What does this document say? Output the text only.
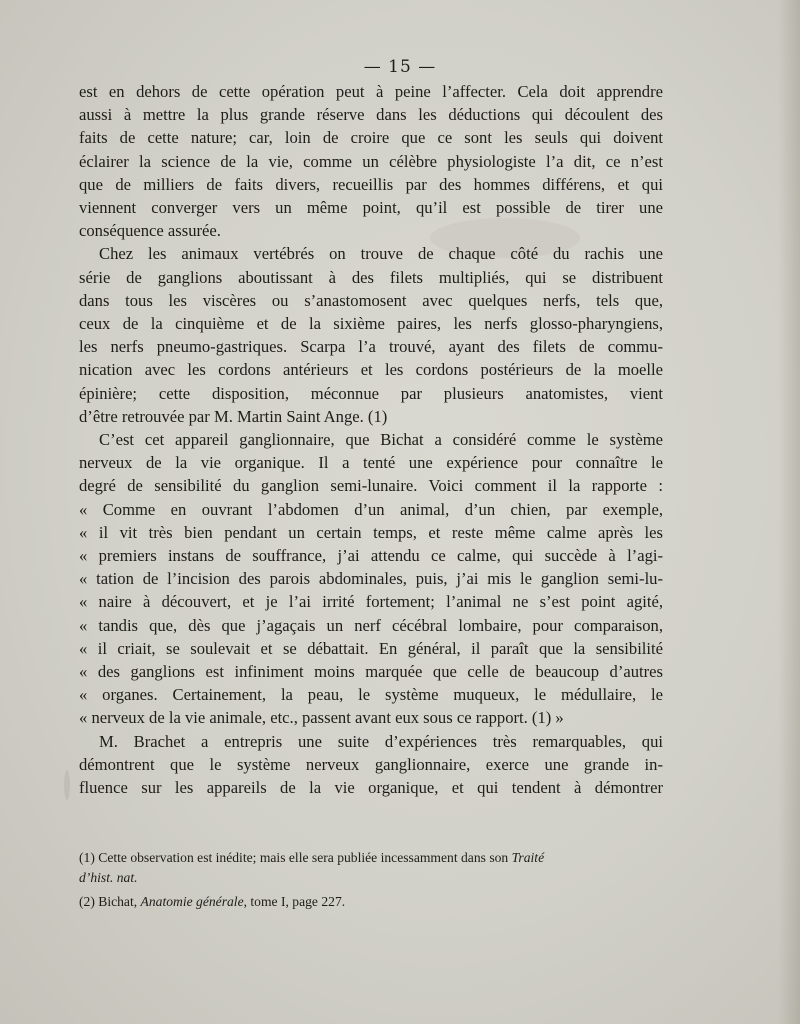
— 15 —
est en dehors de cette opération peut à peine l’affecter. Cela doit apprendre
aussi à mettre la plus grande réserve dans les déductions qui découlent des
faits de cette nature; car, loin de croire que ce sont les seuls qui doivent
éclairer la science de la vie, comme un célèbre physiologiste l’a dit, ce n’est
que de milliers de faits divers, recueillis par des hommes différens, et qui
viennent converger vers un même point, qu’il est possible de tirer une
conséquence assurée.
Chez les animaux vertébrés on trouve de chaque côté du rachis une
série de ganglions aboutissant à des filets multipliés, qui se distribuent
dans tous les viscères ou s’anastomosent avec quelques nerfs, tels que,
ceux de la cinquième et de la sixième paires, les nerfs glosso-pharyngiens,
les nerfs pneumo-gastriques. Scarpa l’a trouvé, ayant des filets de commu-
nication avec les cordons antérieurs et les cordons postérieurs de la moelle
épinière; cette disposition, méconnue par plusieurs anatomistes, vient
d’être retrouvée par M. Martin Saint Ange. (1)
C’est cet appareil ganglionnaire, que Bichat a considéré comme le système
nerveux de la vie organique. Il a tenté une expérience pour connaître le
degré de sensibilité du ganglion semi-lunaire. Voici comment il la rapporte :
« Comme en ouvrant l’abdomen d’un animal, d’un chien, par exemple,
« il vit très bien pendant un certain temps, et reste même calme après les
« premiers instans de souffrance, j’ai attendu ce calme, qui succède à l’agi-
« tation de l’incision des parois abdominales, puis, j’ai mis le ganglion semi-lu-
« naire à découvert, et je l’ai irrité fortement; l’animal ne s’est point agité,
« tandis que, dès que j’agaçais un nerf cécébral lombaire, pour comparaison,
« il criait, se soulevait et se débattait. En général, il paraît que la sensibilité
« des ganglions est infiniment moins marquée que celle de beaucoup d’autres
« organes. Certainement, la peau, le système muqueux, le médullaire, le
« nerveux de la vie animale, etc., passent avant eux sous ce rapport. (1) »
M. Brachet a entrepris une suite d’expériences très remarquables, qui
démontrent que le système nerveux ganglionnaire, exerce une grande in-
fluence sur les appareils de la vie organique, et qui tendent à démontrer
(1) Cette observation est inédite; mais elle sera publiée incessamment dans son Traité
d’hist. nat.
(2) Bichat, Anatomie générale, tome I, page 227.
